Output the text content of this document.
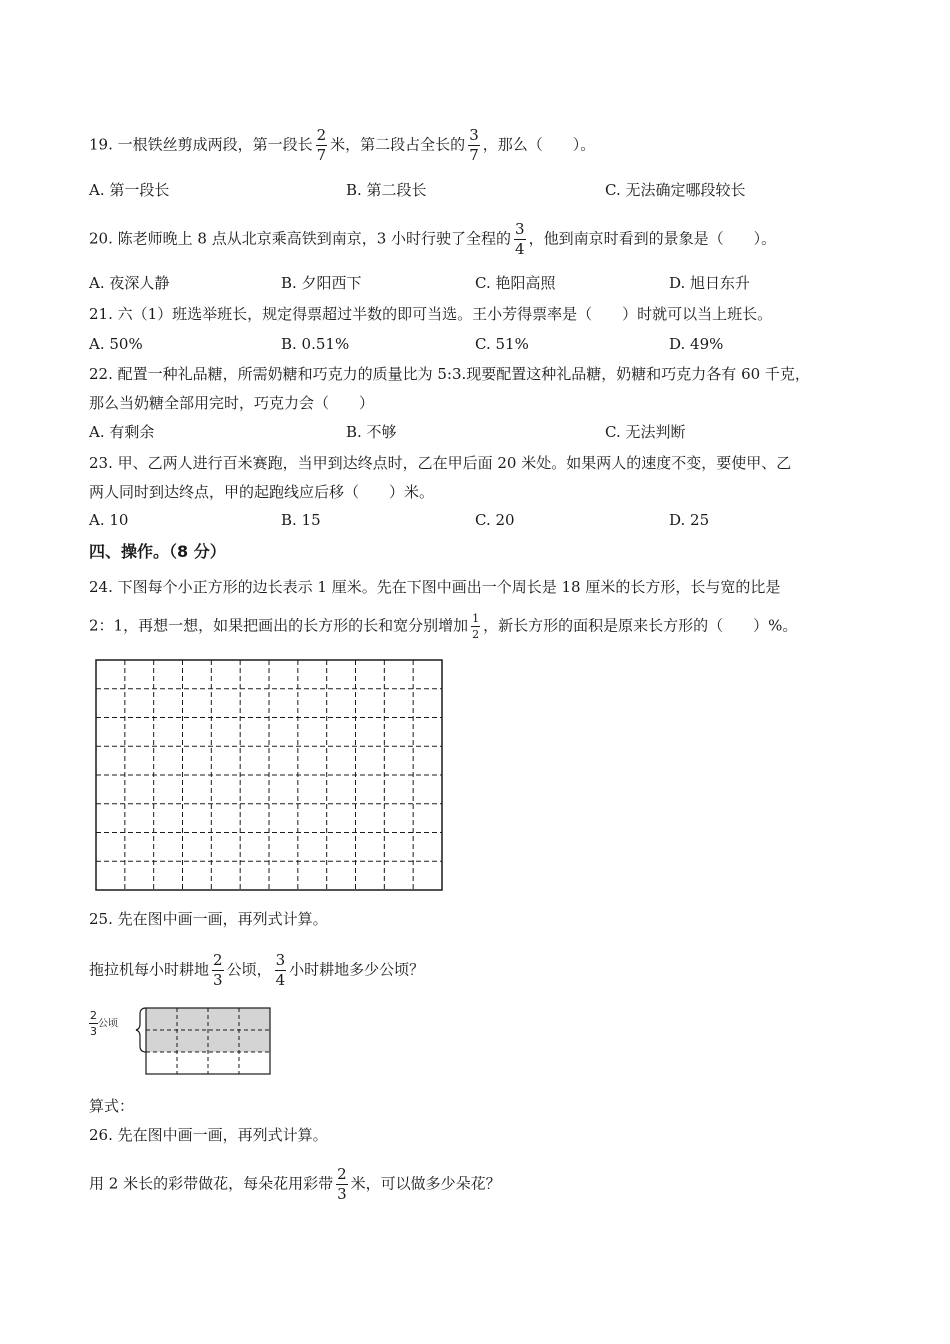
19. 一根铁丝剪成两段，第一段长 $\frac{2}{7}$ 米，第二段占全长的 $\frac{3}{7}$ ，那么（　　）。
A. 第一段长	B. 第二段长	C. 无法确定哪段较长
20. 陈老师晚上 8 点从北京乘高铁到南京，3 小时行驶了全程的 $\frac{3}{4}$ ，他到南京时看到的景象是（　　）。
A. 夜深人静	B. 夕阳西下	C. 艳阳高照	D. 旭日东升
21. 六（1）班选举班长，规定得票超过半数的即可当选。王小芳得票率是（　　）时就可以当上班长。
A. 50%	B. 0.51%	C. 51%	D. 49%
22. 配置一种礼品糖，所需奶糖和巧克力的质量比为 5:3.现要配置这种礼品糖，奶糖和巧克力各有 60 千克，
那么当奶糖全部用完时，巧克力会（　　）
A. 有剩余	B. 不够	C. 无法判断
23. 甲、乙两人进行百米赛跑，当甲到达终点时，乙在甲后面 20 米处。如果两人的速度不变，要使甲、乙
两人同时到达终点，甲的起跑线应后移（　　）米。
A. 10	B. 15	C. 20	D. 25
四、操作。（8 分）
24. 下图每个小正方形的边长表示 1 厘米。先在下图中画出一个周长是 18 厘米的长方形，长与宽的比是
2：1，再想一想，如果把画出的长方形的长和宽分别增加 $\frac{1}{2}$ ，新长方形的面积是原来长方形的（　　）%。
25. 先在图中画一画，再列式计算。
拖拉机每小时耕地 $\frac{2}{3}$ 公顷， $\frac{3}{4}$ 小时耕地多少公顷？
$\frac{2}{3}$ 公顷
算式：
26. 先在图中画一画，再列式计算。
用 2 米长的彩带做花，每朵花用彩带 $\frac{2}{3}$ 米，可以做多少朵花？
